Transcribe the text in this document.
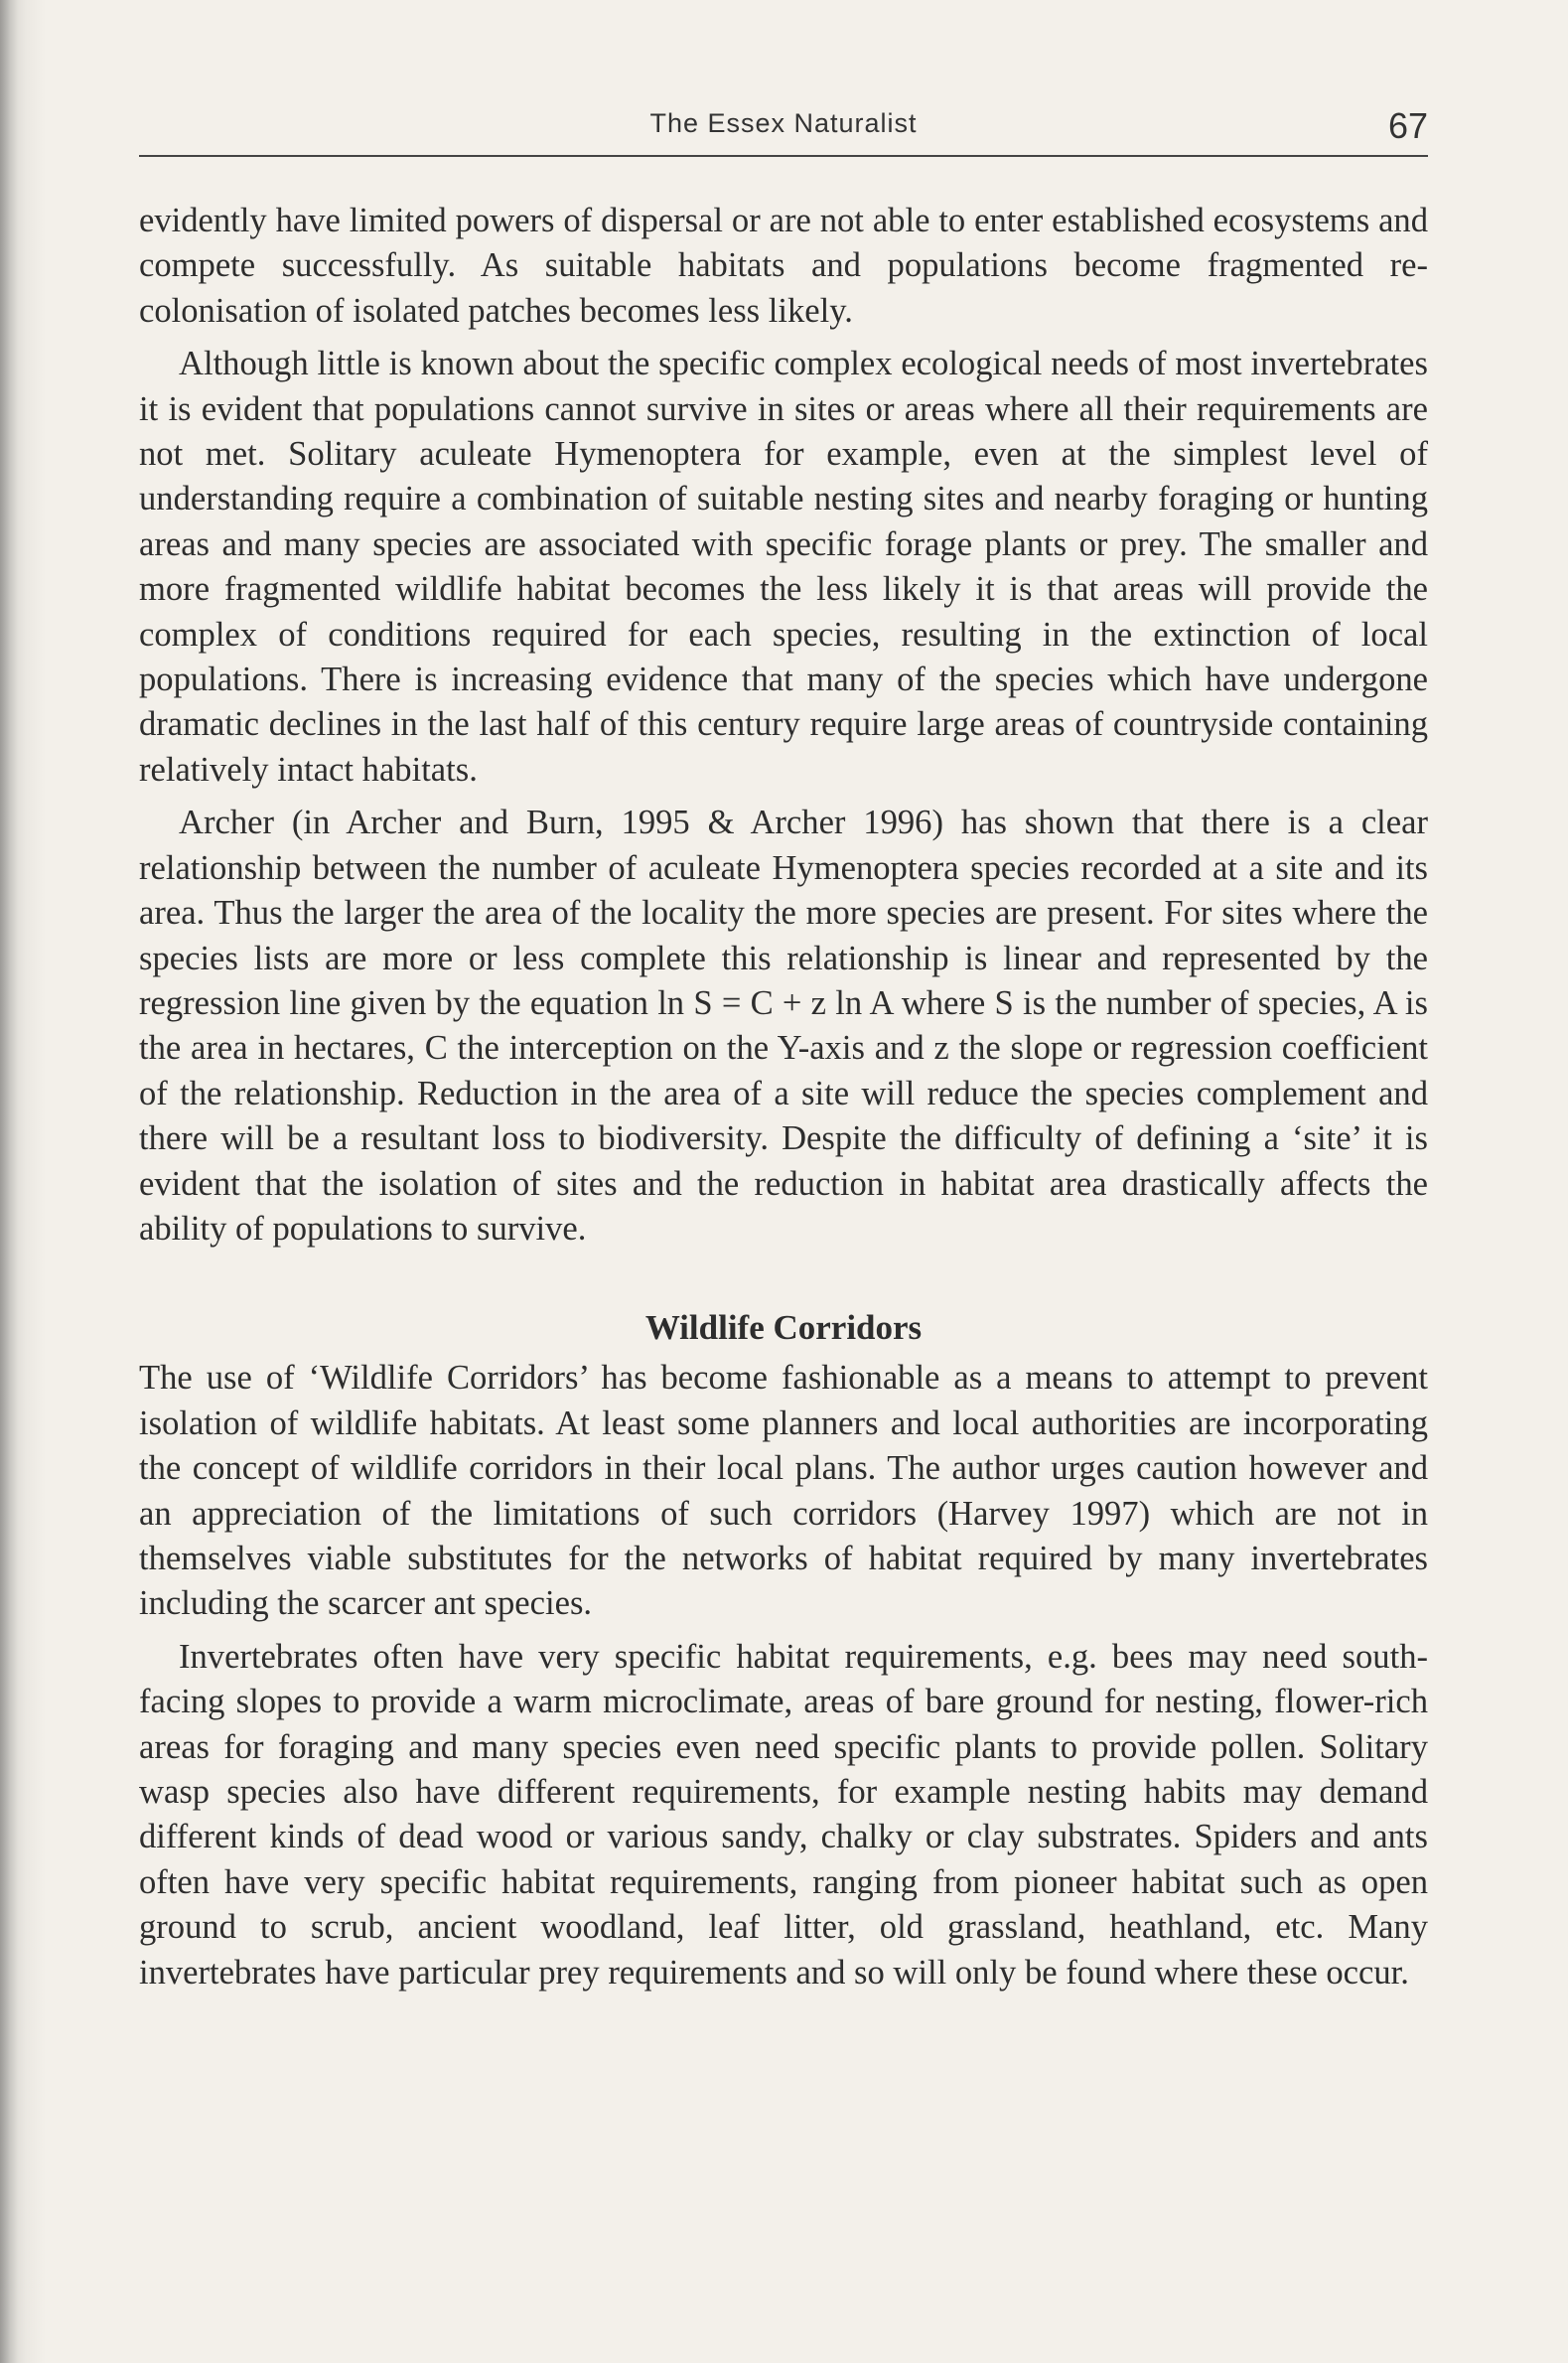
The Essex Naturalist	67

evidently have limited powers of dispersal or are not able to enter established ecosystems and compete successfully. As suitable habitats and populations become fragmented re-colonisation of isolated patches becomes less likely.

Although little is known about the specific complex ecological needs of most invertebrates it is evident that populations cannot survive in sites or areas where all their requirements are not met. Solitary aculeate Hymenoptera for example, even at the simplest level of understanding require a combination of suitable nesting sites and nearby foraging or hunting areas and many species are associated with specific forage plants or prey. The smaller and more fragmented wildlife habitat becomes the less likely it is that areas will provide the complex of conditions required for each species, resulting in the extinction of local populations. There is increasing evidence that many of the species which have undergone dramatic declines in the last half of this century require large areas of countryside containing relatively intact habitats.

Archer (in Archer and Burn, 1995 & Archer 1996) has shown that there is a clear relationship between the number of aculeate Hymenoptera species recorded at a site and its area. Thus the larger the area of the locality the more species are present. For sites where the species lists are more or less complete this relationship is linear and represented by the regression line given by the equation ln S = C + z ln A where S is the number of species, A is the area in hectares, C the interception on the Y-axis and z the slope or regression coefficient of the relationship. Reduction in the area of a site will reduce the species complement and there will be a resultant loss to biodiversity. Despite the difficulty of defining a ‘site’ it is evident that the isolation of sites and the reduction in habitat area drastically affects the ability of populations to survive.

Wildlife Corridors

The use of ‘Wildlife Corridors’ has become fashionable as a means to attempt to prevent isolation of wildlife habitats. At least some planners and local authorities are incorporating the concept of wildlife corridors in their local plans. The author urges caution however and an appreciation of the limitations of such corridors (Harvey 1997) which are not in themselves viable substitutes for the networks of habitat required by many invertebrates including the scarcer ant species.

Invertebrates often have very specific habitat requirements, e.g. bees may need south-facing slopes to provide a warm microclimate, areas of bare ground for nesting, flower-rich areas for foraging and many species even need specific plants to provide pollen. Solitary wasp species also have different requirements, for example nesting habits may demand different kinds of dead wood or various sandy, chalky or clay substrates. Spiders and ants often have very specific habitat requirements, ranging from pioneer habitat such as open ground to scrub, ancient woodland, leaf litter, old grassland, heathland, etc. Many invertebrates have particular prey requirements and so will only be found where these occur.
